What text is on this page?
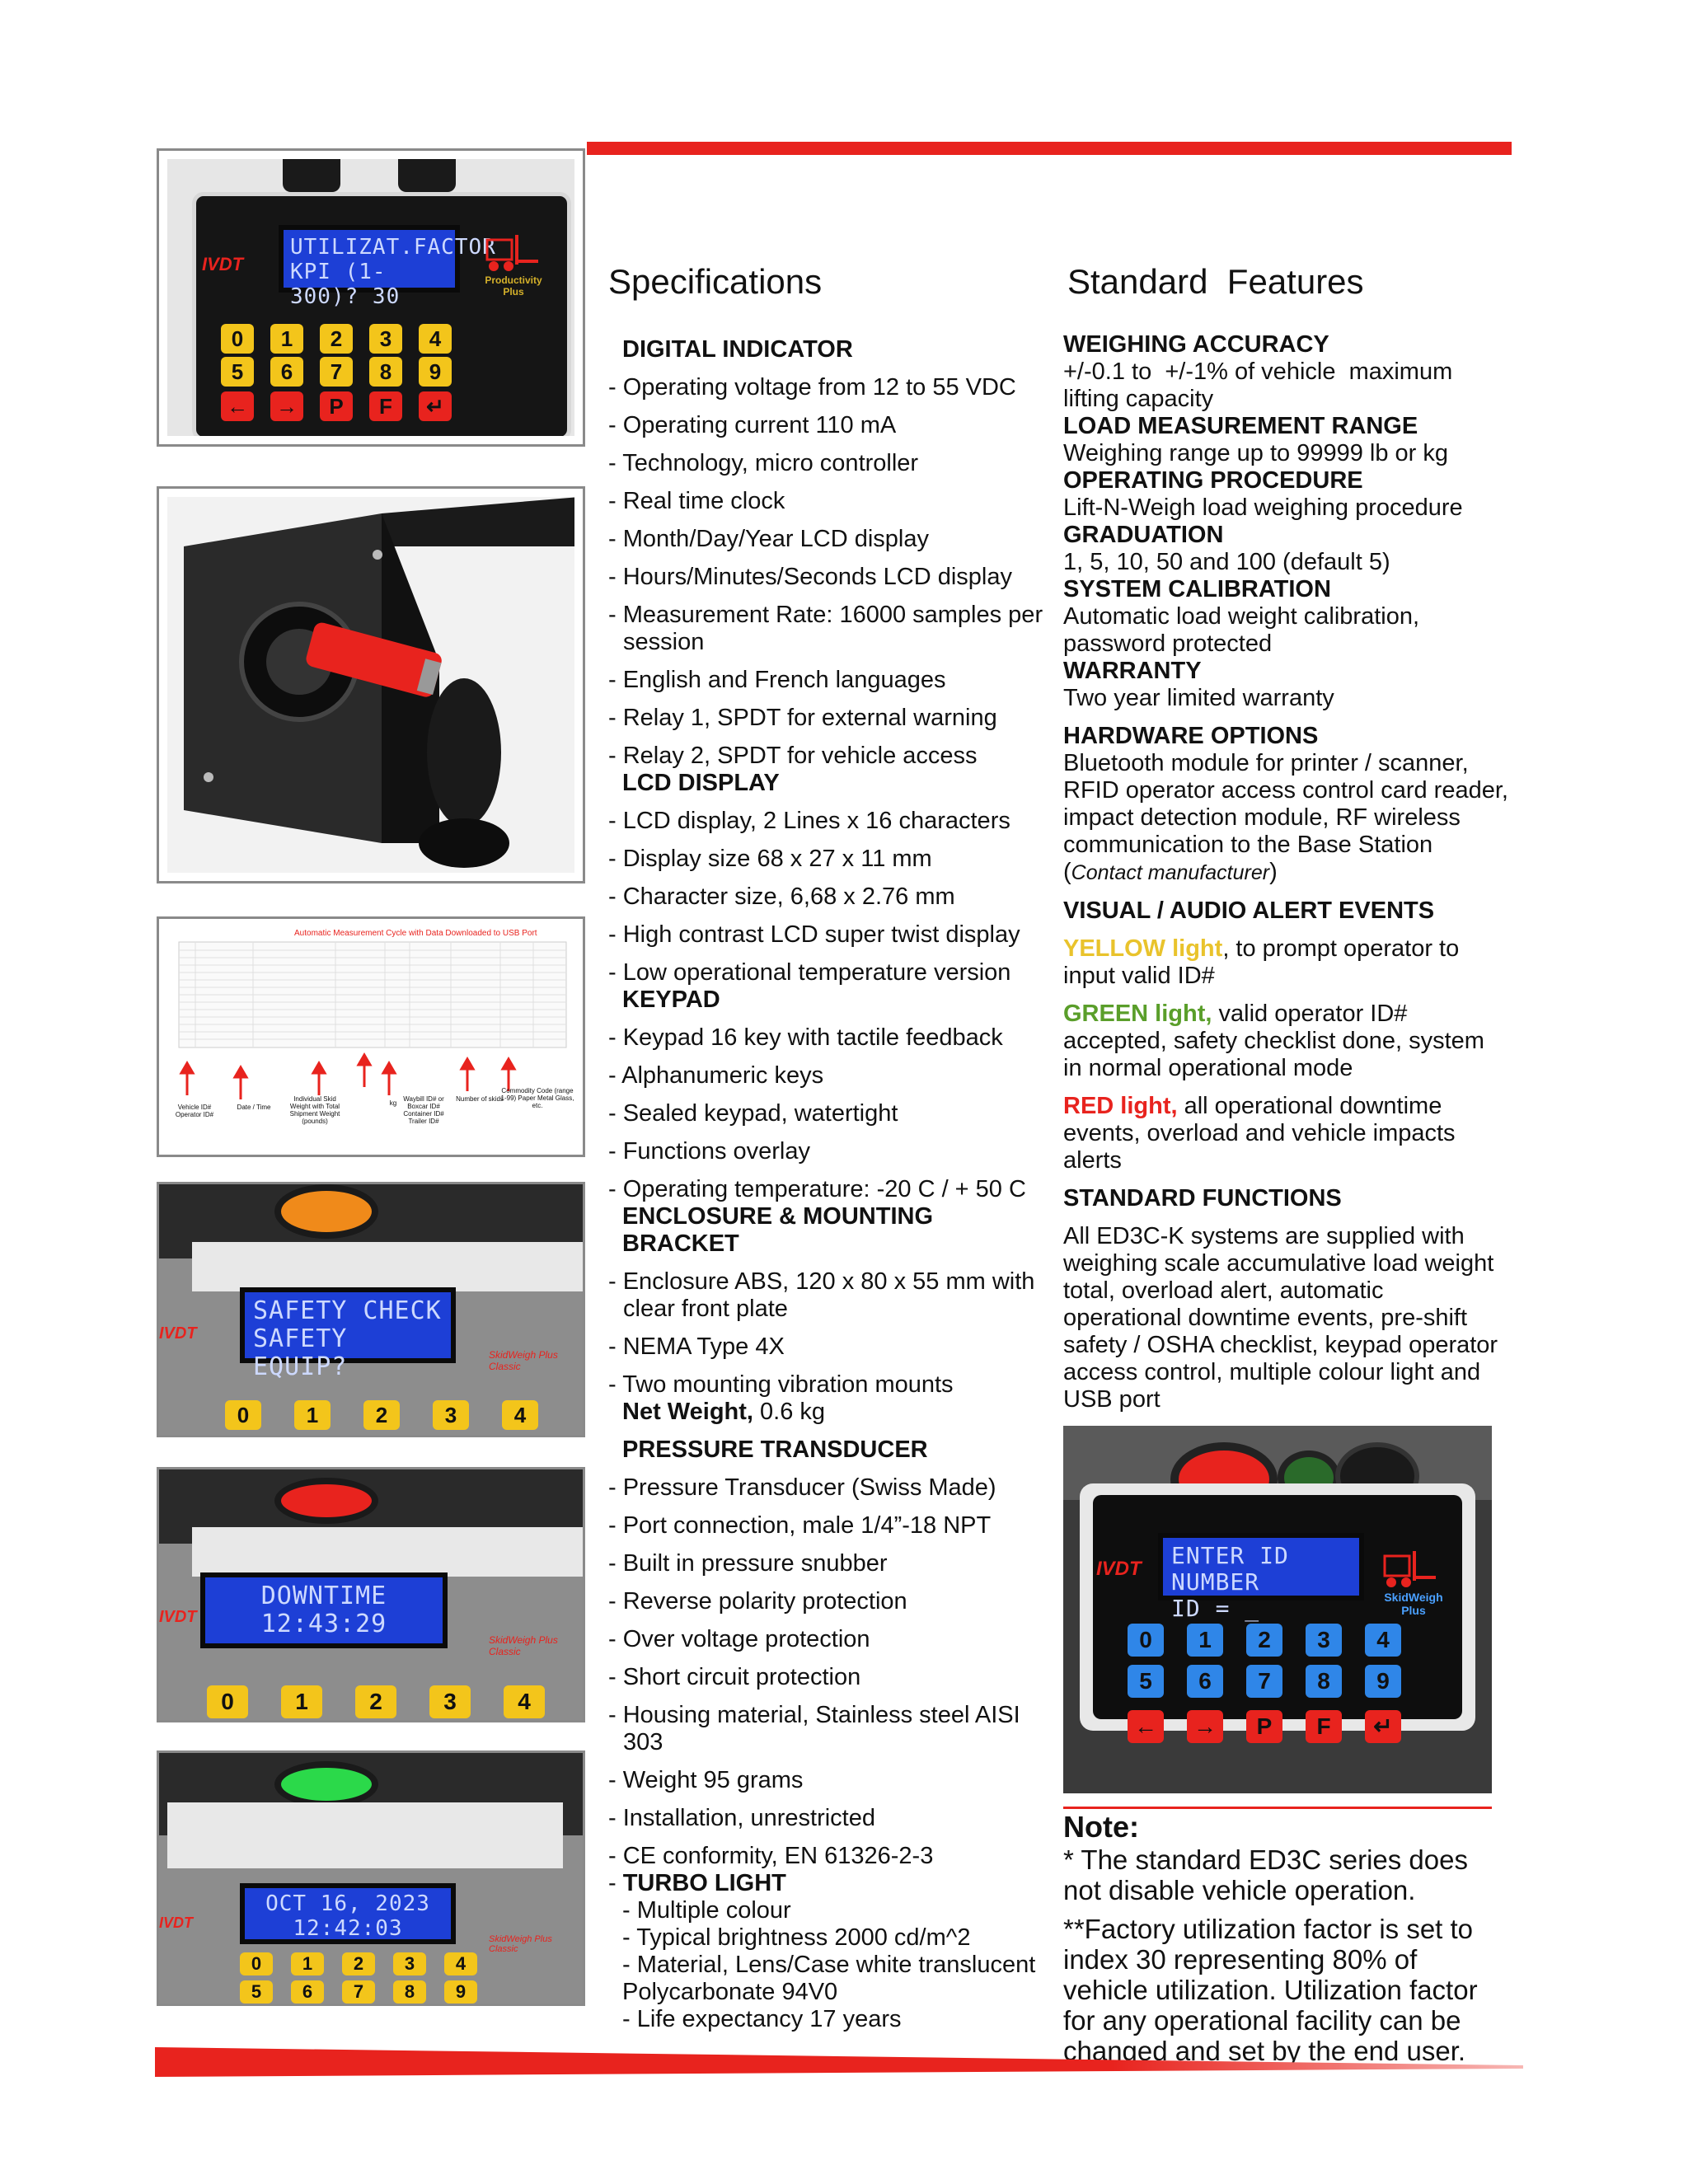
IVDT
UTILIZAT.FACTOR
KPI (1-300)? 30
Productivity Plus
0	1	2	3	4
5	6	7	8	9
← →	P	F	↵
Automatic Measurement Cycle with Data Downloaded to USB Port
Vehicle ID# Operator ID#
Date / Time
Individual Skid Weight with Total Shipment Weight (pounds)
kg
Waybill ID# or Boxcar ID# Container ID# Trailer ID#
Number of skids
Commodity Code (range 1-99) Paper Metal Glass, etc.
SAFETY CHECK
SAFETY EQUIP?
IVDT
SkidWeigh Plus Classic
0	1	2	3	4
DOWNTIME
12:43:29
IVDT
SkidWeigh Plus Classic
0	1	2	3	4
OCT 16, 2023
12:42:03
IVDT
SkidWeigh Plus Classic
0	1	2	3	4
5	6	7	8	9
IVDT ENTER ID NUMBER
ID = _	SkidWeigh Plus
0	1	2	3	4
5	6	7	8	9
← →	P	F	↵
Specifications	Standard  Features
DIGITAL INDICATOR
- Operating voltage from 12 to 55 VDC
- Operating current 110 mA
- Technology, micro controller
- Real time clock
- Month/Day/Year LCD display
- Hours/Minutes/Seconds LCD display
- Measurement Rate: 16000 samples per session
- English and French languages
- Relay 1, SPDT for external warning
- Relay 2, SPDT for vehicle access
LCD DISPLAY
- LCD display, 2 Lines x 16 characters
- Display size 68 x 27 x 11 mm
- Character size, 6,68 x 2.76 mm
- High contrast LCD super twist display
- Low operational temperature version
KEYPAD
- Keypad 16 key with tactile feedback
- Alphanumeric keys
- Sealed keypad, watertight
- Functions overlay
- Operating temperature: -20 C / + 50 C
ENCLOSURE & MOUNTING BRACKET
- Enclosure ABS, 120 x 80 x 55 mm with clear front plate
- NEMA Type 4X
- Two mounting vibration mounts
Net Weight, 0.6 kg
PRESSURE TRANSDUCER
- Pressure Transducer (Swiss Made)
- Port connection, male 1/4”-18 NPT
- Built in pressure snubber
- Reverse polarity protection
- Over voltage protection
- Short circuit protection
- Housing material, Stainless steel AISI 303
- Weight 95 grams
- Installation, unrestricted
- CE conformity, EN 61326-2-3
- TURBO LIGHT
- Multiple colour
- Typical brightness 2000 cd/m^2
- Material, Lens/Case white translucent Polycarbonate 94V0
- Life expectancy 17 years
WEIGHING ACCURACY
+/-0.1 to  +/-1% of vehicle  maximum lifting capacity
LOAD MEASUREMENT RANGE
Weighing range up to 99999 lb or kg
OPERATING PROCEDURE
Lift-N-Weigh load weighing procedure
GRADUATION
1, 5, 10, 50 and 100 (default 5)
SYSTEM CALIBRATION
Automatic load weight calibration, password protected
WARRANTY
Two year limited warranty
HARDWARE OPTIONS
Bluetooth module for printer / scanner, RFID operator access control card reader, impact detection module, RF wireless communication to the Base Station (Contact manufacturer)
VISUAL / AUDIO ALERT EVENTS
YELLOW light, to prompt operator to input valid ID#
GREEN light, valid operator ID# accepted, safety checklist done, system in normal operational mode
RED light, all operational downtime events, overload and vehicle impacts alerts
STANDARD FUNCTIONS
All ED3C-K systems are supplied with weighing scale accumulative load weight total, overload alert, automatic operational downtime events, pre-shift safety / OSHA checklist, keypad operator access control, multiple colour light and USB port
Note:
* The standard ED3C series does not disable vehicle operation.
**Factory utilization factor is set to index 30 representing 80% of vehicle utilization. Utilization factor for any operational facility can be changed and set by the end user.
